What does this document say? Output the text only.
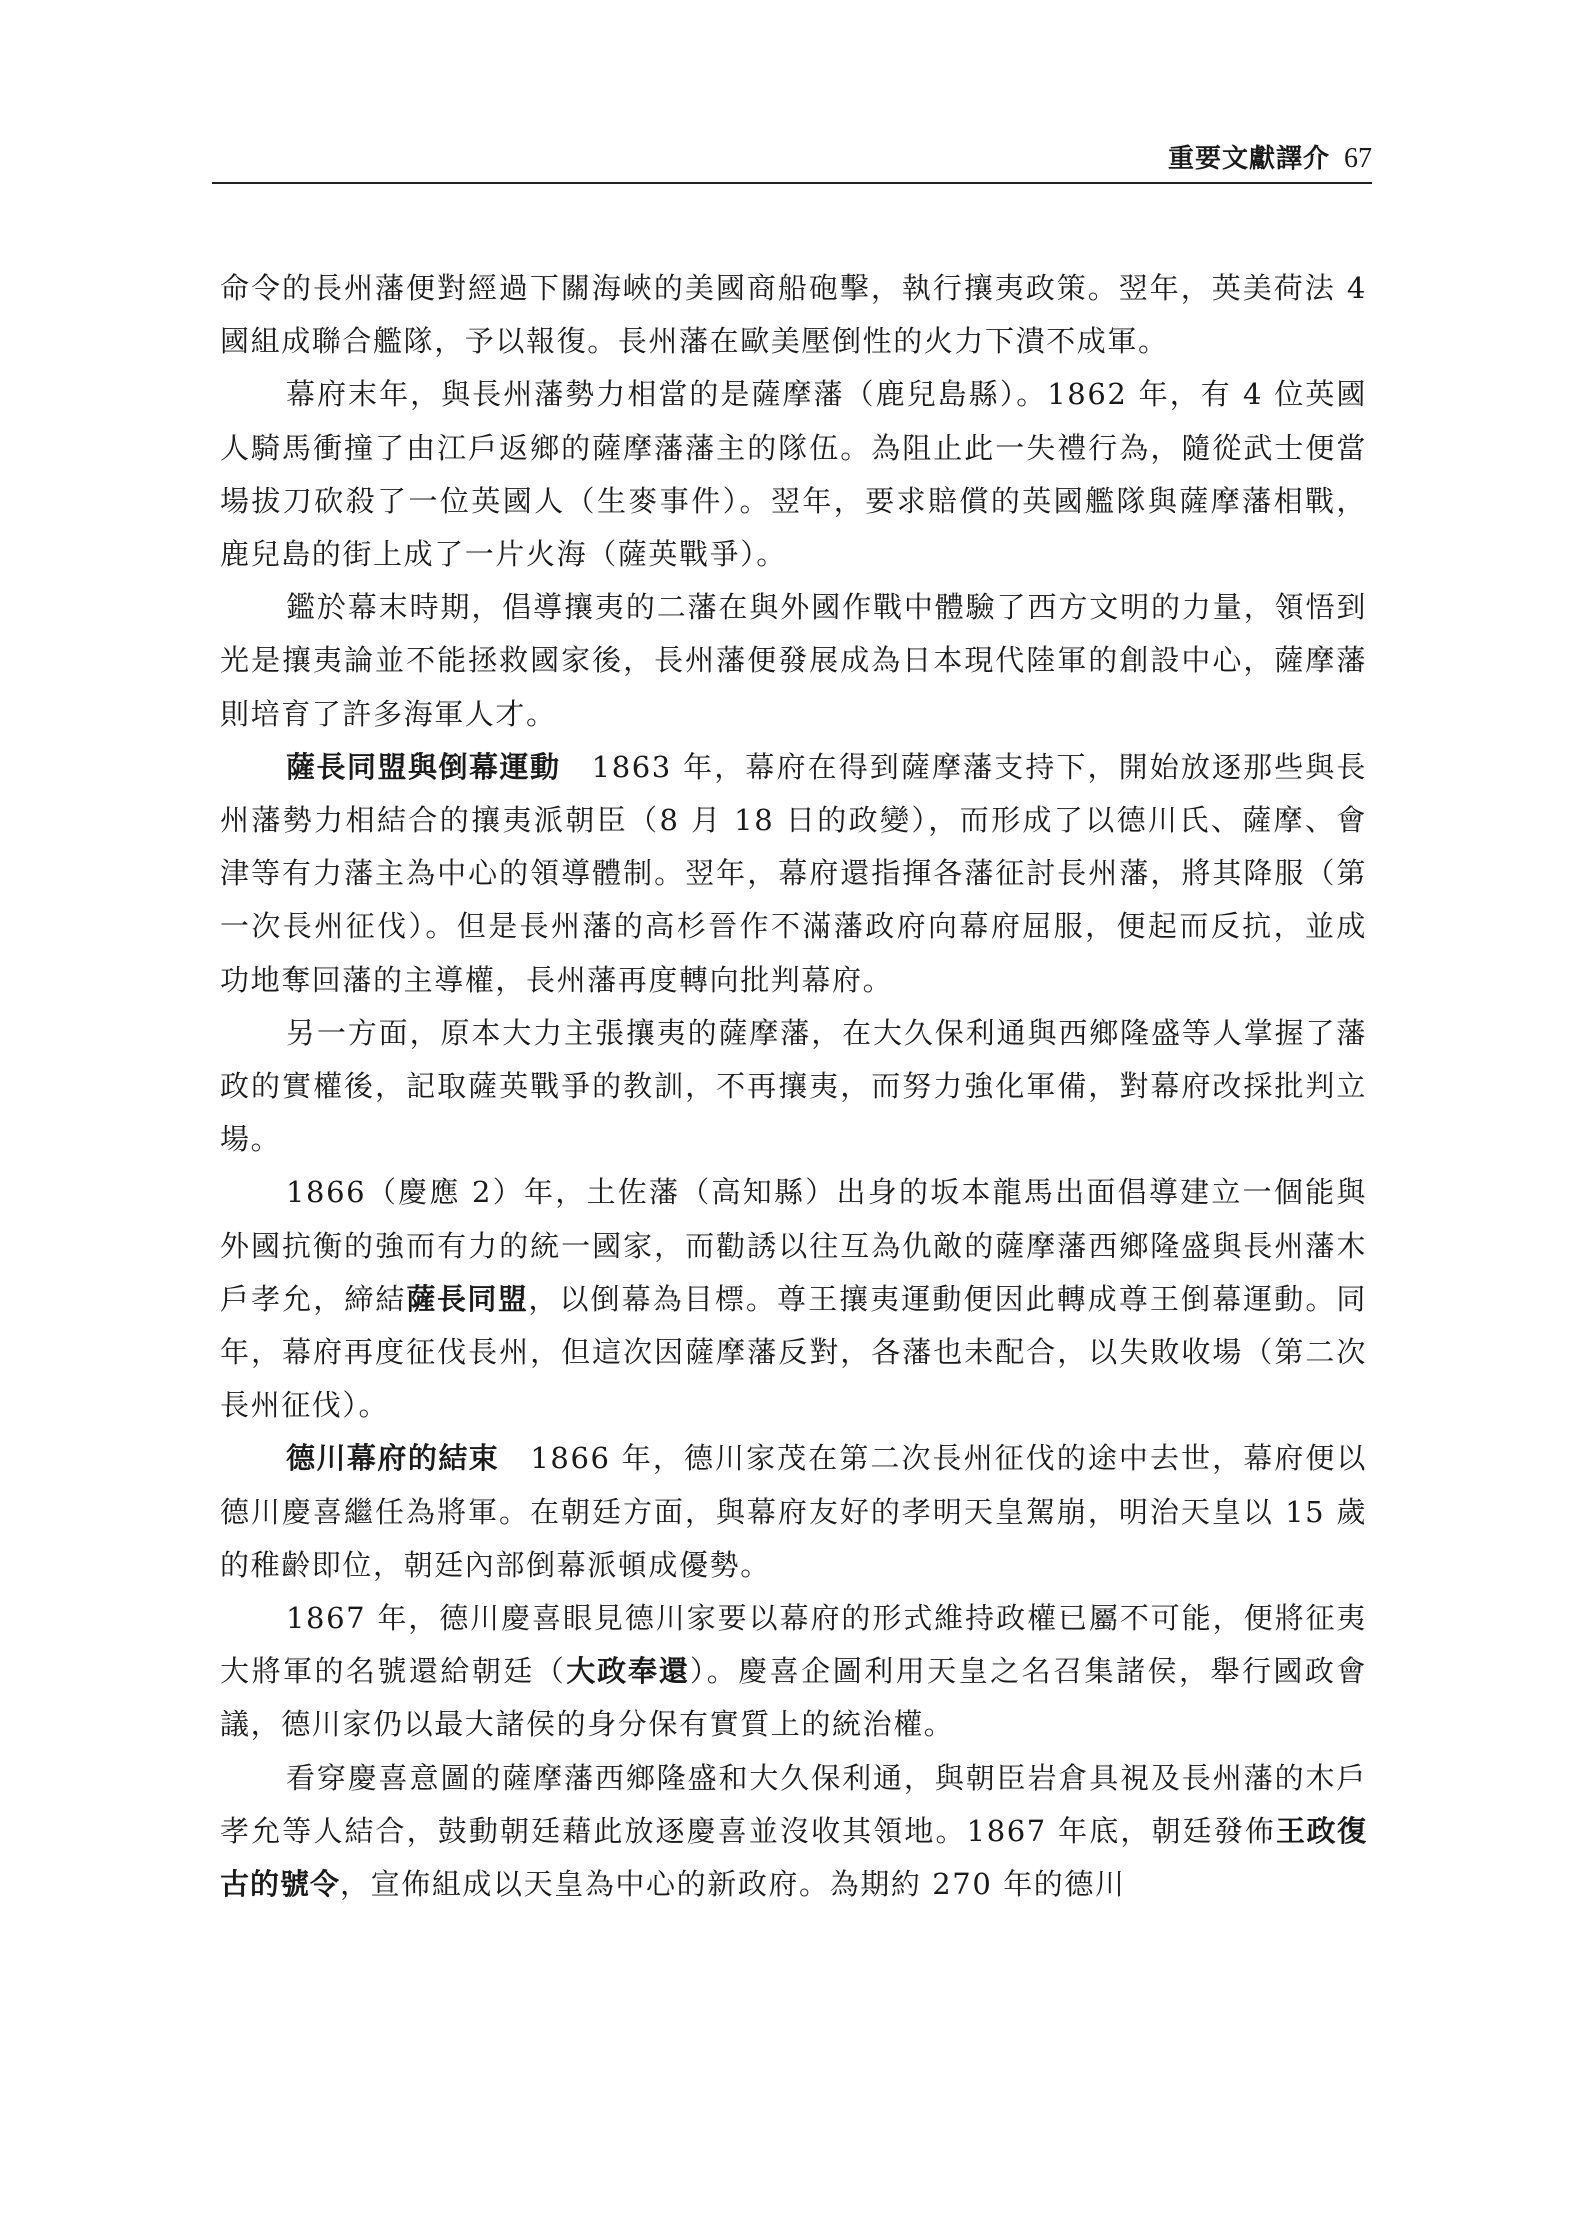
重要文獻譯介 67

命令的長州藩便對經過下關海峽的美國商船砲擊，執行攘夷政策。翌年，英美荷法 4 國組成聯合艦隊，予以報復。長州藩在歐美壓倒性的火力下潰不成軍。

幕府末年，與長州藩勢力相當的是薩摩藩（鹿兒島縣）。1862 年，有 4 位英國人騎馬衝撞了由江戶返鄉的薩摩藩藩主的隊伍。為阻止此一失禮行為，隨從武士便當場拔刀砍殺了一位英國人（生麥事件）。翌年，要求賠償的英國艦隊與薩摩藩相戰，鹿兒島的街上成了一片火海（薩英戰爭）。

鑑於幕末時期，倡導攘夷的二藩在與外國作戰中體驗了西方文明的力量，領悟到光是攘夷論並不能拯救國家後，長州藩便發展成為日本現代陸軍的創設中心，薩摩藩則培育了許多海軍人才。

薩長同盟與倒幕運動　 1863 年，幕府在得到薩摩藩支持下，開始放逐那些與長州藩勢力相結合的攘夷派朝臣（8 月 18 日的政變），而形成了以德川氏、薩摩、會津等有力藩主為中心的領導體制。翌年，幕府還指揮各藩征討長州藩，將其降服（第一次長州征伐）。但是長州藩的高杉晉作不滿藩政府向幕府屈服，便起而反抗，並成功地奪回藩的主導權，長州藩再度轉向批判幕府。

另一方面，原本大力主張攘夷的薩摩藩，在大久保利通與西鄉隆盛等人掌握了藩政的實權後，記取薩英戰爭的教訓，不再攘夷，而努力強化軍備，對幕府改採批判立場。

1866（慶應 2）年，土佐藩（高知縣）出身的坂本龍馬出面倡導建立一個能與外國抗衡的強而有力的統一國家，而勸誘以往互為仇敵的薩摩藩西鄉隆盛與長州藩木戶孝允，締結薩長同盟，以倒幕為目標。尊王攘夷運動便因此轉成尊王倒幕運動。同年，幕府再度征伐長州，但這次因薩摩藩反對，各藩也未配合，以失敗收場（第二次長州征伐）。

德川幕府的結束　 1866 年，德川家茂在第二次長州征伐的途中去世，幕府便以德川慶喜繼任為將軍。在朝廷方面，與幕府友好的孝明天皇駕崩，明治天皇以 15 歲的稚齡即位，朝廷內部倒幕派頓成優勢。

1867 年，德川慶喜眼見德川家要以幕府的形式維持政權已屬不可能，便將征夷大將軍的名號還給朝廷（大政奉還）。慶喜企圖利用天皇之名召集諸侯，舉行國政會議，德川家仍以最大諸侯的身分保有實質上的統治權。

看穿慶喜意圖的薩摩藩西鄉隆盛和大久保利通，與朝臣岩倉具視及長州藩的木戶孝允等人結合，鼓動朝廷藉此放逐慶喜並沒收其領地。1867 年底，朝廷發佈王政復古的號令，宣佈組成以天皇為中心的新政府。為期約 270 年的德川
